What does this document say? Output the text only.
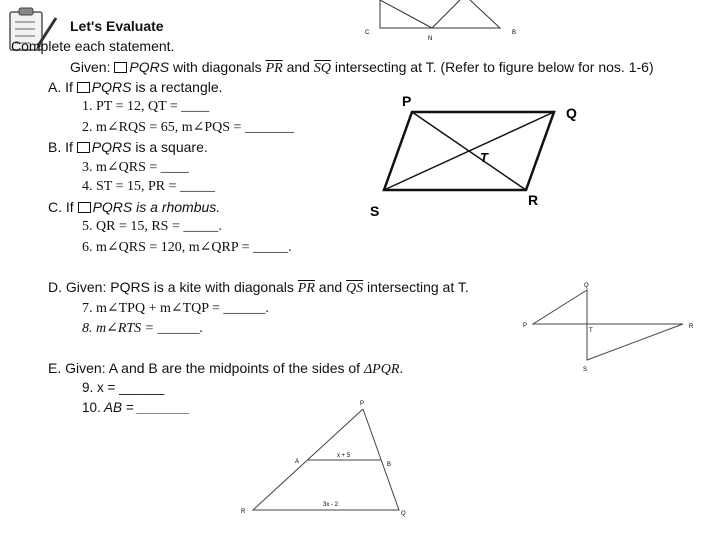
Let's Evaluate
Complete each statement.
C
N
B
Given: PQRS with diagonals $\overline{PR}$ and $\overline{SQ}$ intersecting at T. (Refer to figure below for nos. 1-6)
A. If PQRS is a rectangle.
1. PT = 12, QT = ____
2. m∠RQS = 65, m∠PQS = _______
B. If PQRS is a square.
3. m∠QRS = ____
4. ST = 15, PR = _____
C. If PQRS is a rhombus.
5. QR = 15, RS = _____.
6. m∠QRS = 120, m∠QRP = _____.
P
Q
T
R
S
D. Given: PQRS is a kite with diagonals $\overline{PR}$ and $\overline{QS}$ intersecting at T.
7. m∠TPQ + m∠TQP = ______.
8. m∠RTS = ______.
Q
P
T
R
S
E. Given: A and B are the midpoints of the sides of ΔPQR.
9. x = ______
10. AB = _______	P
A
x + 5
B
3x - 2
R	Q
